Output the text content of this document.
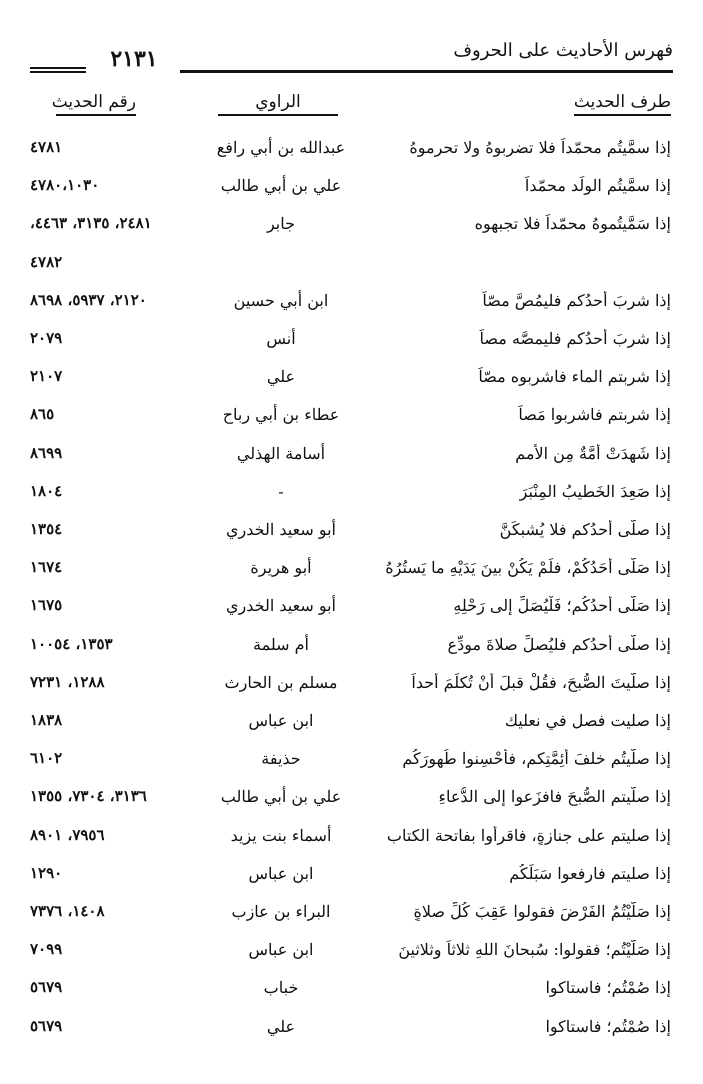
٢١٣١	فهرس الأحاديث على الحروف
طرف الحديث
الراوي
رقم الحديث
إذا سمَّيتُم محمّداً فلا تضربوهُ ولا تحرموهُ
عبدالله بن أبي رافع
٤٧٨١
إذا سمَّيتُم الولَد محمّداً
علي بن أبي طالب
٤٧٨٠،١٠٣٠
إذا سَمَّيتُموهُ محمّداً فلا تجبهوه
جابر
٢٤٨١، ٣١٣٥، ٤٤٦٣،
٤٧٨٢
إذا شربَ أحدُكم فليمُصَّ مصّاً
ابن أبي حسين
٢١٢٠، ٥٩٣٧، ٨٦٩٨
إذا شربَ أحدُكم فليمصَّه مصاً
أنس
٢٠٧٩
إذا شربتم الماء فاشربوه مصّاً
علي
٢١٠٧
إذا شربتم فاشربوا مَصاً
عطاء بن أبي رباح
٨٦٥
إذا شَهِدَتْ أُمَّةٌ مِن الأمم
أسامة الهذلي
٨٦٩٩
إذا صَعِدَ الخَطيبُ المِنْبَرَ
-
١٨٠٤
إذا صلّى أحدُكم فلا يُشبكَنَّ
أبو سعيد الخدري
١٣٥٤
إذا صَلّى أحَدُكُمْ، فلَمْ يَكُنْ بينَ يَدَيْهِ ما يَستُرُهُ
أبو هريرة
١٦٧٤
إذا صَلّى أحدُكُم؛ فَلْيُصَلِّ إلى رَحْلِهِ
أبو سعيد الخدري
١٦٧٥
إذا صلّى أحدُكم فليُصلِّ صلاةَ مودِّعٍ
أم سلمة
١٣٥٣، ١٠٠٥٤
إذا صلَّيتَ الصُّبحَ، فقُلْ قبلَ أنْ تُكلِّمَ أحداً
مسلم بن الحارث
١٢٨٨، ٧٢٣١
إذا صليت فصل في نعليك
ابن عباس
١٨٣٨
إذا صلَّيتُم خلفَ أئِمَّتِكم، فأحْسِنوا طُهورَكُم
حذيفة
٦١٠٢
إذا صلَّيتم الصُّبحَ فافزَعوا إلى الدُّعاءِ
علي بن أبي طالب
٣١٣٦، ٧٣٠٤، ١٣٥٥
إذا صليتم على جنازةٍ، فاقرأوا بفاتحة الكتاب
أسماء بنت يزيد
٧٩٥٦، ٨٩٠١
إذا صليتم فارفعوا سَبَلَكُم
ابن عباس
١٢٩٠
إذا صَلَّيْتُمُ الفَرْضَ فقولوا عَقِبَ كُلِّ صلاةٍ
البراء بن عازب
١٤٠٨، ٧٣٧٦
إذا صَلَّيْتُم؛ فقولوا: سُبحانَ اللهِ ثلاثاً وثلاثينَ
ابن عباس
٧٠٩٩
إذا صُمْتُم؛ فاستاكوا
خباب
٥٦٧٩
إذا صُمْتُم؛ فاستاكوا
علي
٥٦٧٩
